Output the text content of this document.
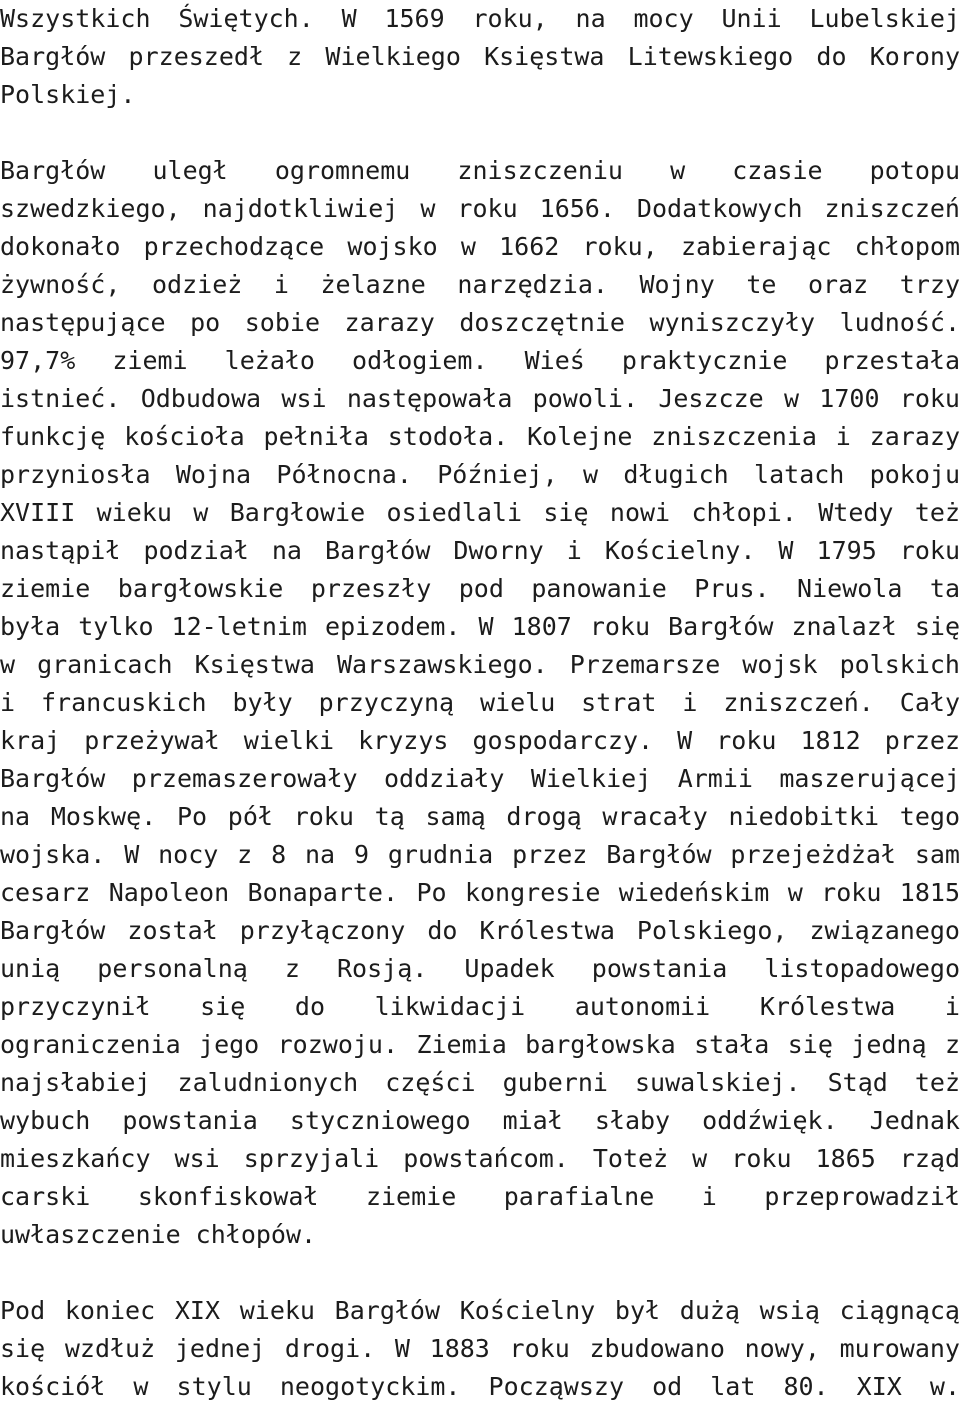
Wszystkich Świętych. W 1569 roku, na mocy Unii Lubelskiej
Bargłów przeszedł z Wielkiego Księstwa Litewskiego do Korony
Polskiej.
Bargłów uległ ogromnemu zniszczeniu w czasie potopu
szwedzkiego, najdotkliwiej w roku 1656. Dodatkowych zniszczeń
dokonało przechodzące wojsko w 1662 roku, zabierając chłopom
żywność, odzież i żelazne narzędzia. Wojny te oraz trzy
następujące po sobie zarazy doszczętnie wyniszczyły ludność.
97,7% ziemi leżało odłogiem. Wieś praktycznie przestała
istnieć. Odbudowa wsi następowała powoli. Jeszcze w 1700 roku
funkcję kościoła pełniła stodoła. Kolejne zniszczenia i zarazy
przyniosła Wojna Północna. Później, w długich latach pokoju
XVIII wieku w Bargłowie osiedlali się nowi chłopi. Wtedy też
nastąpił podział na Bargłów Dworny i Kościelny. W 1795 roku
ziemie bargłowskie przeszły pod panowanie Prus. Niewola ta
była tylko 12-letnim epizodem. W 1807 roku Bargłów znalazł się
w granicach Księstwa Warszawskiego. Przemarsze wojsk polskich
i francuskich były przyczyną wielu strat i zniszczeń. Cały
kraj przeżywał wielki kryzys gospodarczy. W roku 1812 przez
Bargłów przemaszerowały oddziały Wielkiej Armii maszerującej
na Moskwę. Po pół roku tą samą drogą wracały niedobitki tego
wojska. W nocy z 8 na 9 grudnia przez Bargłów przejeżdżał sam
cesarz Napoleon Bonaparte. Po kongresie wiedeńskim w roku 1815
Bargłów został przyłączony do Królestwa Polskiego, związanego
unią personalną z Rosją. Upadek powstania listopadowego
przyczynił się do likwidacji autonomii Królestwa i
ograniczenia jego rozwoju. Ziemia bargłowska stała się jedną z
najsłabiej zaludnionych części guberni suwalskiej. Stąd też
wybuch powstania styczniowego miał słaby oddźwięk. Jednak
mieszkańcy wsi sprzyjali powstańcom. Toteż w roku 1865 rząd
carski skonfiskował ziemie parafialne i przeprowadził
uwłaszczenie chłopów.
Pod koniec XIX wieku Bargłów Kościelny był dużą wsią ciągnącą
się wzdłuż jednej drogi. W 1883 roku zbudowano nowy, murowany
kościół w stylu neogotyckim. Począwszy od lat 80. XIX w.
